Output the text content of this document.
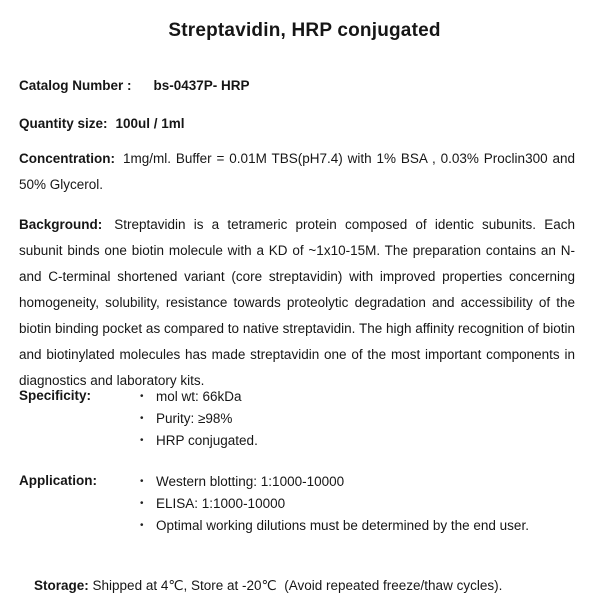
Streptavidin, HRP conjugated
Catalog Number : bs-0437P- HRP
Quantity size: 100ul / 1ml

Concentration: 1mg/ml. Buffer = 0.01M TBS(pH7.4) with 1% BSA , 0.03% Proclin300 and 50% Glycerol.

Background: Streptavidin is a tetrameric protein composed of identic subunits. Each subunit binds one biotin molecule with a KD of ~1x10-15M. The preparation contains an N- and C-terminal shortened variant (core streptavidin) with improved properties concerning homogeneity, solubility, resistance towards proteolytic degradation and accessibility of the biotin binding pocket as compared to native streptavidin. The high affinity recognition of biotin and biotinylated molecules has made streptavidin one of the most important components in diagnostics and laboratory kits.

Specificity:	• mol wt: 66kDa
• Purity: ≥98%
• HRP conjugated.
Application:	• Western blotting: 1:1000-10000
• ELISA: 1:1000-10000
• Optimal working dilutions must be determined by the end user.

Storage: Shipped at 4℃, Store at -20℃  (Avoid repeated freeze/thaw cycles).
